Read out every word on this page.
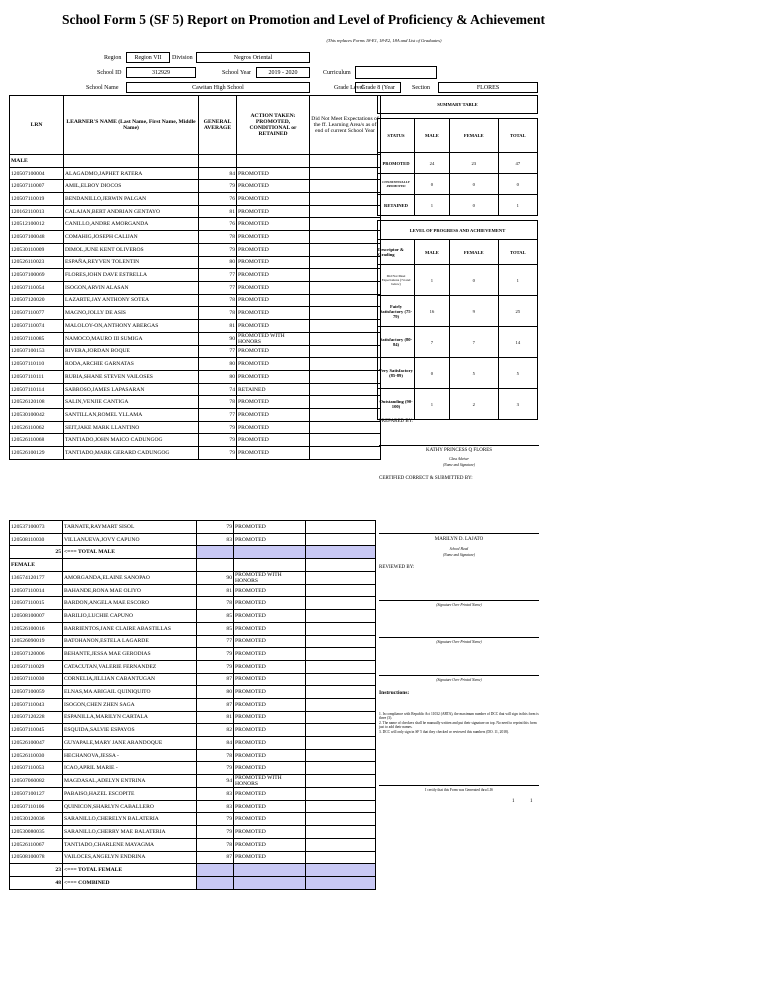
School Form 5 (SF 5) Report on Promotion and Level of Proficiency & Achievement
(This replaces Forms 18-E1, 18-E2, 18A and List of Graduates)
Region	Region VII	Division	Negros Oriental
School ID	312929	School Year	2019 - 2020	Curriculum
School Name	Cawitan High School	Grade Level
Grade 8 (Year	Section	FLORES
LRN	LEARNER'S NAME (Last Name, First Name, Middle Name)	GENERAL AVERAGE	ACTION TAKEN: PROMOTED, CONDITIONAL or RETAINED	Did Not Meet Expectations of the ff. Learning Area/s as of end of current School Year
MALE				
120507100004	ALAGADMO,JAPHET RATERA	84	PROMOTED	
120507110007	AMIL,ELBOY DIOCOS	79	PROMOTED	
120507110019	BENDANILLO,JERWIN PALGAN	76	PROMOTED	
120162110013	CALAJAN,BERT ANDRIAN GENTAYO	81	PROMOTED	
120512100012	CANILLO,ANDRE AMORGANDA	76	PROMOTED	
120507100048	COMAHIG,JOSEPH CALIJAN	78	PROMOTED	
120530110009	DIMOL,JUNE KENT OLIVEROS	79	PROMOTED	
120526110023	ESPAÑA,REYVEN TOLENTIN	80	PROMOTED	
120507100069	FLORES,JOHN DAVE ESTRELLA	77	PROMOTED	
120507110054	ISOGON,ARVIN ALASAN	77	PROMOTED	
120507120020	LAZARTE,JAY ANTHONY SOTEA	78	PROMOTED	
120507110077	MAGNO,JOLLY DE ASIS	78	PROMOTED	
120507110074	MALOLOY-ON,ANTHONY ABERGAS	81	PROMOTED	
120507110085	NAMOCO,MAURO III SUMIGA	90	PROMOTED WITH HONORS	
120507100153	RIVERA,JORDAN BOQUE	77	PROMOTED	
120507110110	RODA,ARCHIE GARNATAS	80	PROMOTED	
120507110111	RUBIA,SHANE STEVEN VAILOSES	80	PROMOTED	
120507110114	SABROSO,JAMES LAPASARAN	74	RETAINED	
120526120108	SALIN,VENJIE CANTIGA	78	PROMOTED	
120530100042	SANTILLAN,ROMEL YLLAMA	77	PROMOTED	
120526110062	SEIT,JAKE MARK LLANTINO	79	PROMOTED	
120526110068	TANTIADO,JOHN MAICO CADUNGOG	79	PROMOTED	
120526100129	TANTIADO,MARK GERARD CADUNGOG	79	PROMOTED	
120537100073	TARNATE,RAYMART SISOL	79	PROMOTED	
120508110030	VILLANUEVA,JOVY CAPUNO	83	PROMOTED	
25	<=== TOTAL MALE			
FEMALE				
136574120177	AMORGANDA,ELAINE SANOPAO	90	PROMOTED WITH HONORS	
120507110014	BAHANDE,RONA MAE OLIYO	81	PROMOTED	
120507110015	BARDON,ANGELA MAE ESCORO	78	PROMOTED	
120508100007	BARILIO,LUCHIE CAPUNO	85	PROMOTED	
120526100016	BARRIENTOS,JANE CLAIRE ABASTILLAS	85	PROMOTED	
120526090019	BATOHANON,ESTELA LAGARDE	77	PROMOTED	
120507120006	BEHANTE,JESSA MAE GERODIAS	79	PROMOTED	
120507110029	CATACUTAN,VALERIE FERNANDEZ	79	PROMOTED	
120507110030	CORNELIA,JILLIAN CABANTUGAN	87	PROMOTED	
120507100059	ELNAS,MA ABIGAIL QUINIQUITO	80	PROMOTED	
120507110043	ISOGON,CHEN ZHEN SAGA	87	PROMOTED	
120507120228	ESPANILLA,MARILYN CARTALA	81	PROMOTED	
120507110045	ESQUIDA,SALVIE ESPAYOS	82	PROMOTED	
120526100047	GUYAPALE,MARY JANE ARANDOQUE	84	PROMOTED	
120526110030	HECHANOVA,JESSA -	78	PROMOTED	
120507110053	ICAO,APRIL MARIE -	79	PROMOTED	
120507060082	MAGDASAL,ADELYN ENTRINA	94	PROMOTED WITH HONORS	
120507100127	PABAISO,HAZEL ESCOPITE	83	PROMOTED	
120507110106	QUINICON,SHARLYN CABALLERO	83	PROMOTED	
120530120036	SARANILLO,CHERELYN BALATERIA	79	PROMOTED	
120530080035	SARANILLO,CHERRY MAE BALATERIA	79	PROMOTED	
120526110067	TANTIADO,CHARLENE MAYAGMA	78	PROMOTED	
120508100078	VAILOCES,ANGELYN ENDRINA	87	PROMOTED	
23	<=== TOTAL FEMALE			
48	<=== COMBINED			
SUMMARY TABLE			

STATUS	MALE	FEMALE	TOTAL
PROMOTED	24	23	47
CONDITIONALLY PROMOTED	0	0	0
RETAINED	1	0	1

LEVEL OF PROGRESS AND ACHIEVEMENT			
Descriptor & Grading	MALE	FEMALE	TOTAL
Did Not Meet Expectations (74 and below)	1	0	1
Fairly Satisfactory (75-79)	16	9	25
Satisfactory (80-84)	7	7	14
Very Satisfactory (85-89)	0	5	5
Outstanding (90-100)	1	2	3
PREPARED BY:
KATHY PRINCESS Q FLORES
Class Adviser
(Name and Signature)
CERTIFIED CORRECT & SUBMITTED BY:
MARILYN D. LAJATO
School Head
(Name and Signature)
REVIEWED BY:
(Signature Over Printed Name)
(Signature Over Printed Name)
(Signature Over Printed Name)
Instructions:
1. In compliance with Republic Act 11032 (ARTA), the maximum number of DCC that will sign in this form is three (3).
2. The name of checkers shall be manually written and put their signature on top. No need to reprint this form just to add their names.
3. DCC will only sign in SF 5 that they checked or reviewed this numbers (DO. 11, 2018).
I certify that this Form was Generated thru LIS
1	1
